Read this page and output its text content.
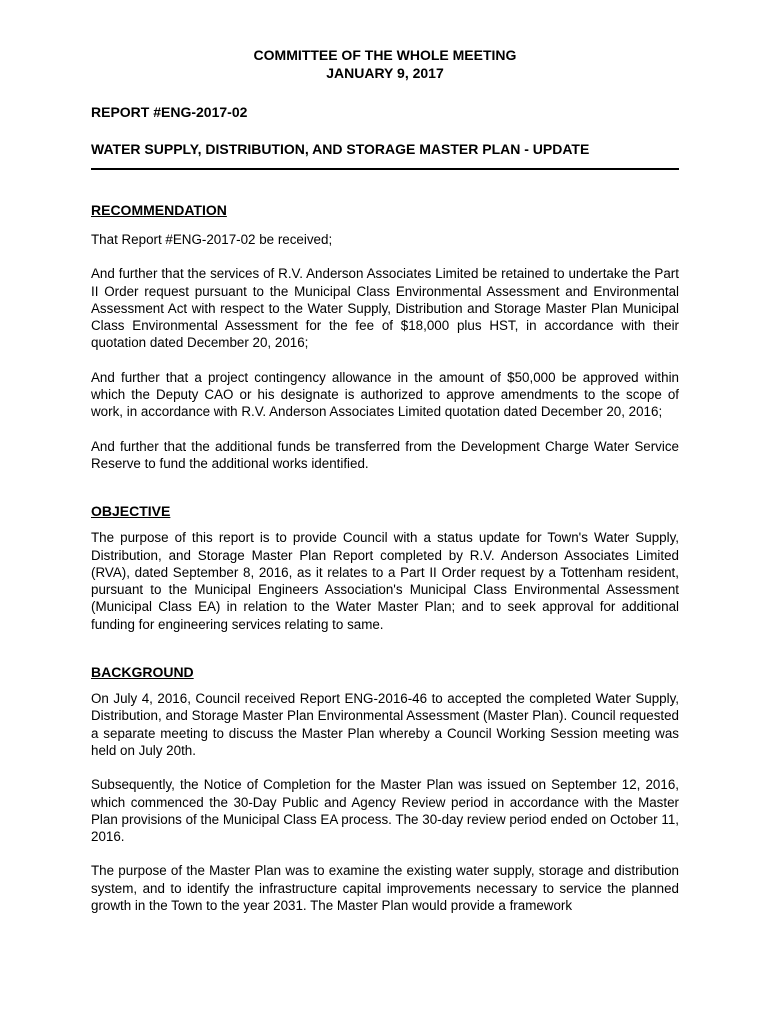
COMMITTEE OF THE WHOLE MEETING

JANUARY 9, 2017

REPORT #ENG-2017-02

WATER SUPPLY, DISTRIBUTION, AND STORAGE MASTER PLAN - UPDATE

RECOMMENDATION

That Report #ENG-2017-02 be received;

And further that the services of R.V. Anderson Associates Limited be retained to undertake the Part II Order request pursuant to the Municipal Class Environmental Assessment and Environmental Assessment Act with respect to the Water Supply, Distribution and Storage Master Plan Municipal Class Environmental Assessment for the fee of $18,000 plus HST, in accordance with their quotation dated December 20, 2016;

And further that a project contingency allowance in the amount of $50,000 be approved within which the Deputy CAO or his designate is authorized to approve amendments to the scope of work, in accordance with R.V. Anderson Associates Limited quotation dated December 20, 2016;

And further that the additional funds be transferred from the Development Charge Water Service Reserve to fund the additional works identified.

OBJECTIVE

The purpose of this report is to provide Council with a status update for Town's Water Supply, Distribution, and Storage Master Plan Report completed by R.V. Anderson Associates Limited (RVA), dated September 8, 2016, as it relates to a Part II Order request by a Tottenham resident, pursuant to the Municipal Engineers Association's Municipal Class Environmental Assessment (Municipal Class EA) in relation to the Water Master Plan; and to seek approval for additional funding for engineering services relating to same.

BACKGROUND

On July 4, 2016, Council received Report ENG-2016-46 to accepted the completed Water Supply, Distribution, and Storage Master Plan Environmental Assessment (Master Plan). Council requested a separate meeting to discuss the Master Plan whereby a Council Working Session meeting was held on July 20th.

Subsequently, the Notice of Completion for the Master Plan was issued on September 12, 2016, which commenced the 30-Day Public and Agency Review period in accordance with the Master Plan provisions of the Municipal Class EA process. The 30-day review period ended on October 11, 2016.

The purpose of the Master Plan was to examine the existing water supply, storage and distribution system, and to identify the infrastructure capital improvements necessary to service the planned growth in the Town to the year 2031. The Master Plan would provide a framework
